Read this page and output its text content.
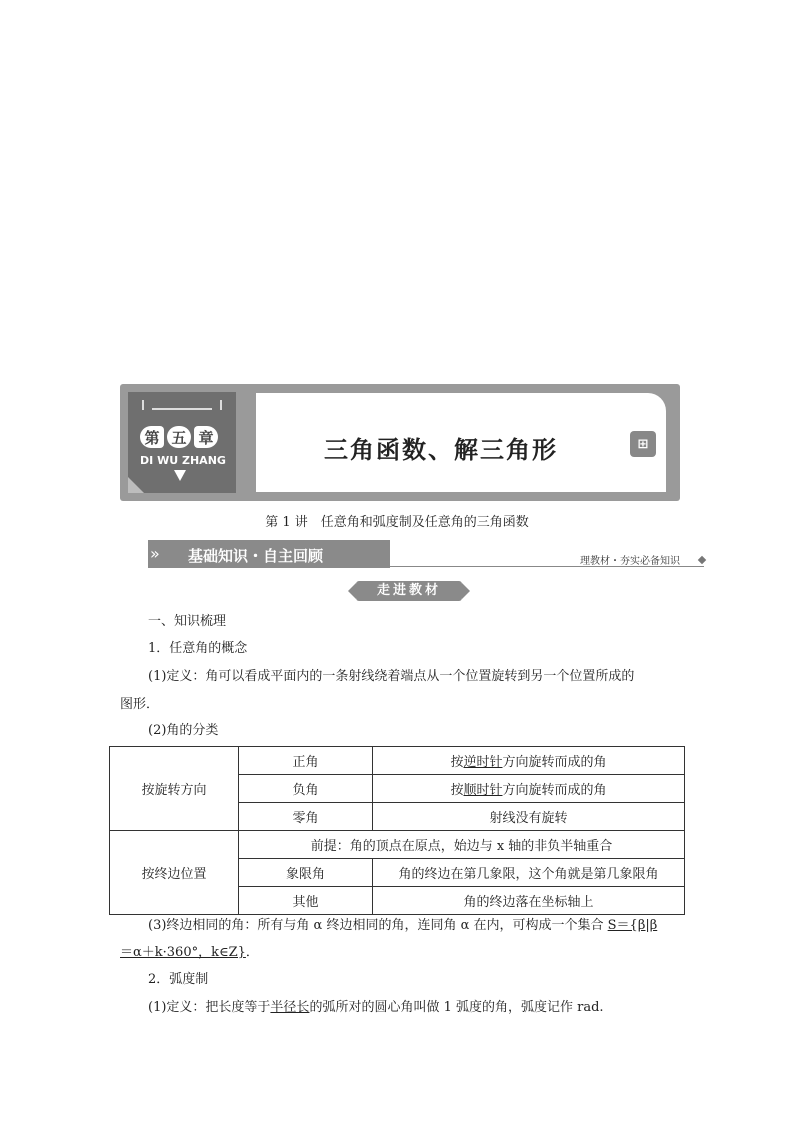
第 五 章
DI WU ZHANG	三角函数、解三角形	⊞
第 1 讲　任意角和弧度制及任意角的三角函数
» 基础知识・自主回顾	理教材・夯实必备知识
走进教材
一、知识梳理
1．任意角的概念
(1)定义：角可以看成平面内的一条射线绕着端点从一个位置旋转到另一个位置所成的
图形．
(2)角的分类
按旋转方向	正角	按逆时针方向旋转而成的角
	负角	按顺时针方向旋转而成的角
	零角	射线没有旋转
按终边位置	前提：角的顶点在原点，始边与 x 轴的非负半轴重合	
	象限角	角的终边在第几象限，这个角就是第几象限角
	其他	角的终边落在坐标轴上
(3)终边相同的角：所有与角 α 终边相同的角，连同角 α 在内，可构成一个集合 S＝{β|β
＝α＋k·360°，k∈Z}．
2．弧度制
(1)定义：把长度等于半径长的弧所对的圆心角叫做 1 弧度的角，弧度记作 rad.
